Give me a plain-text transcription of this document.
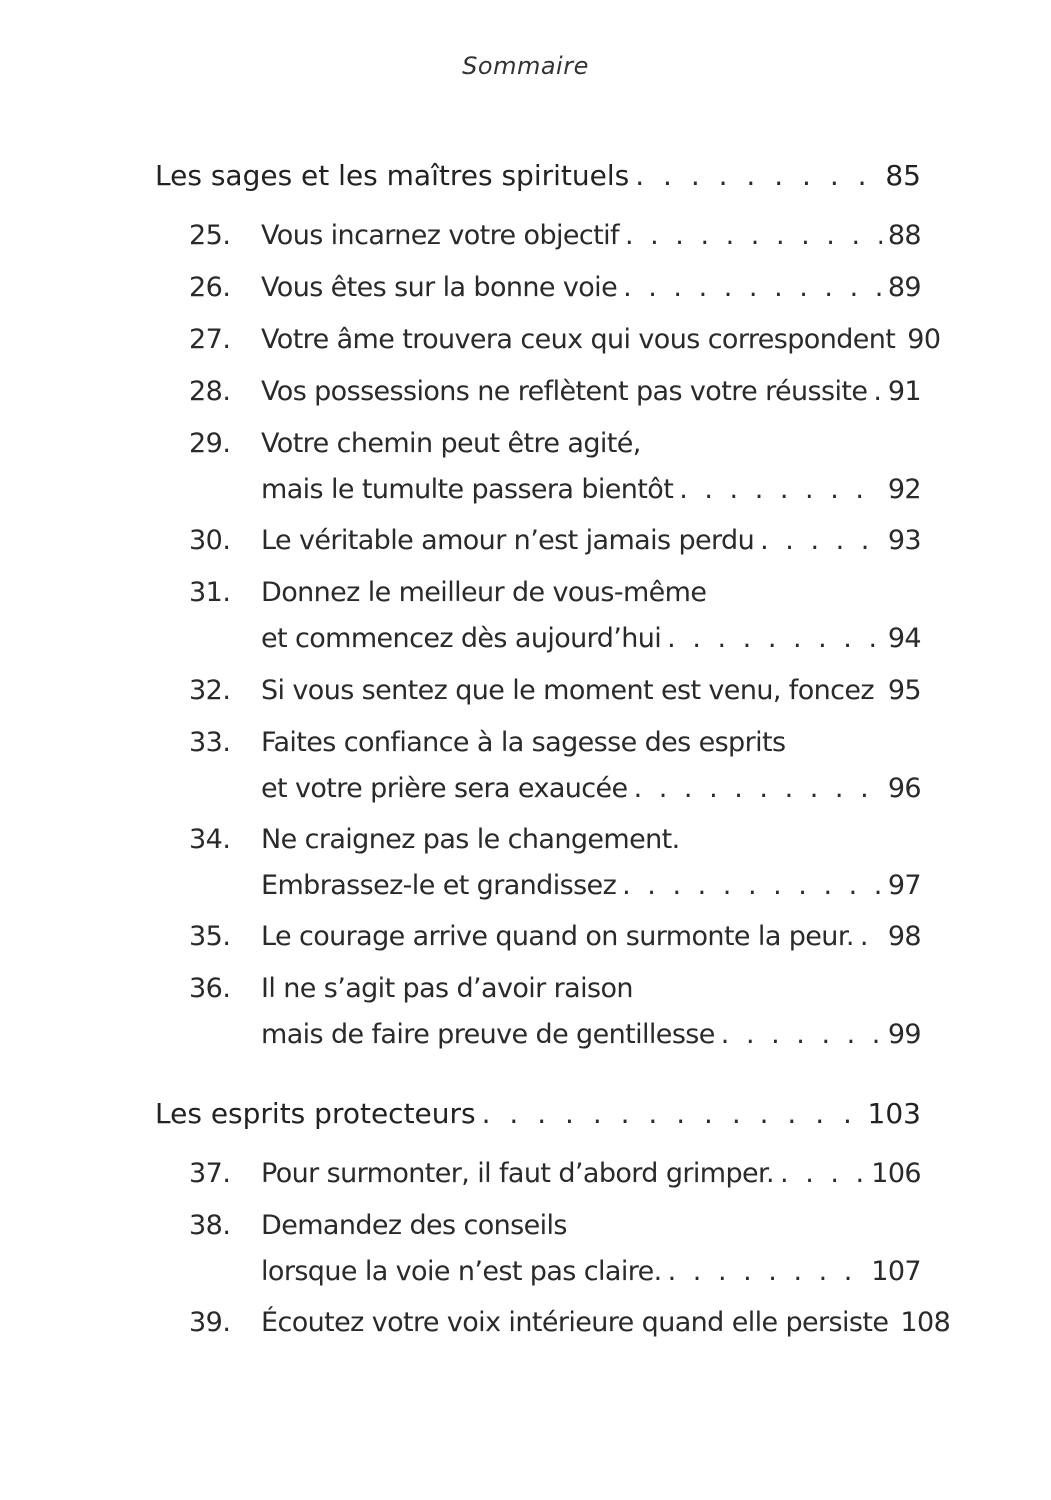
Sommaire
Les sages et les maîtres spirituels . . .	85
25. Vous incarnez votre objectif . . .	88
26. Vous êtes sur la bonne voie . . .	89
27. Votre âme trouvera ceux qui vous correspondent 90
28. Vos possessions ne reflètent pas votre réussite . . . 91
29. Votre chemin peut être agité,
mais le tumulte passera bientôt . . .	92
30. Le véritable amour n’est jamais perdu . . .	93
31. Donnez le meilleur de vous-même
et commencez dès aujourd’hui . . .	94
32. Si vous sentez que le moment est venu, foncez . . . 95
33. Faites confiance à la sagesse des esprits
et votre prière sera exaucée . . .	96
34. Ne craignez pas le changement.
Embrassez-le et grandissez . . .	97
35. Le courage arrive quand on surmonte la peur. . . . 98
36. Il ne s’agit pas d’avoir raison
mais de faire preuve de gentillesse . . .	99
Les esprits protecteurs . . .	103
37. Pour surmonter, il faut d’abord grimper. . . .	106
38. Demandez des conseils
lorsque la voie n’est pas claire. . . .	107
39. Écoutez votre voix intérieure quand elle persiste 108
